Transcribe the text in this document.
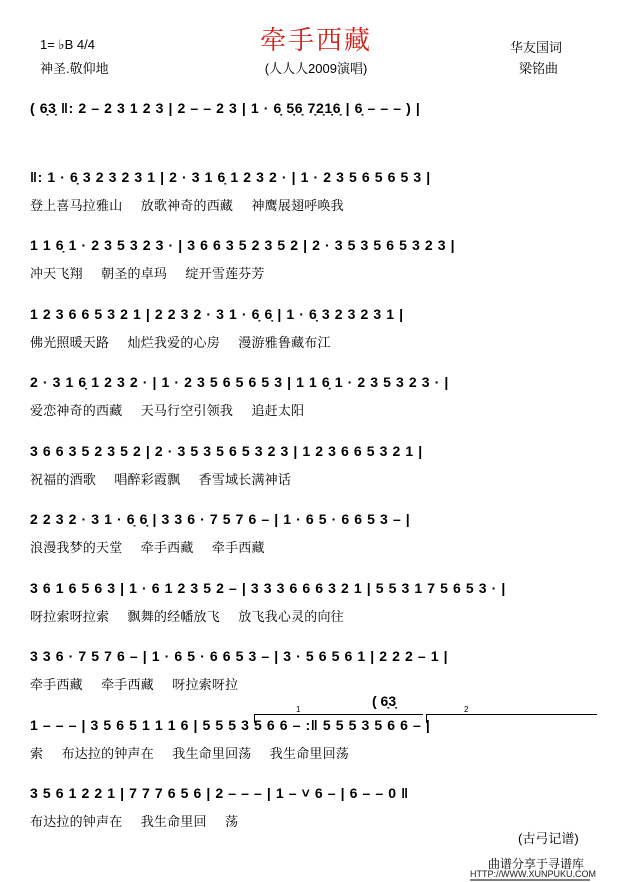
牵手西藏
(人人人2009演唱)
1= ♭B 4/4
神圣.敬仰地
华友国词
梁铭曲
( 6̣3̣ ‖: 2 – 2 3 1 2 3 | 2 – – 2 3 | 1 · 6̣ 5̣6̣ 7̣2̣1̣6̣ | 6̣ – – – ) |
‖: 1 · 6̣ 3 2 3 2 3 1 | 2 · 3 1 6̣ 1 2 3 2 · | 1 · 2 3 5 6 5 6 5 3 |
登上喜马拉雅山 放歌神奇的西藏 神鹰展翅呼唤我
1 1 6̣ 1 · 2 3 5 3 2 3 · | 3 6 6 3 5 2 3 5 2 | 2 · 3 5 3 5 6 5 3 2 3 |
冲天飞翔 朝圣的卓玛 绽开雪莲芬芳
1 2 3 6 6 5 3 2 1 | 2 2 3 2 · 3 1 · 6̣ 6̣ | 1 · 6̣ 3 2 3 2 3 1 |
佛光照暖天路 灿烂我爱的心房 漫游雅鲁藏布江
2 · 3 1 6̣ 1 2 3 2 · | 1 · 2 3 5 6 5 6 5 3 | 1 1 6̣ 1 · 2 3 5 3 2 3 · |
爱恋神奇的西藏 天马行空引领我 追赶太阳
3 6 6 3 5 2 3 5 2 | 2 · 3 5 3 5 6 5 3 2 3 | 1 2 3 6 6 5 3 2 1 |
祝福的酒歌 唱醉彩霞飘 香雪域长满神话
2 2 3 2 · 3 1 · 6̣ 6̣ | 3 3 6 · 7 5 7 6 – | 1 · 6 5 · 6 6 5 3 – |
浪漫我梦的天堂 牵手西藏 牵手西藏
3 6 1 6 5 6 3 | 1 · 6 1 2 3 5 2 – | 3 3 3 6 6 6 3 2 1 | 5 5 3 1 7 5 6 5 3 · |
呀拉索呀拉索 飘舞的经幡放飞 放飞我心灵的向往
3 3 6 · 7 5 7 6 – | 1 · 6 5 · 6 6 5 3 – | 3 · 5 6 5 6 1 | 2 2 2 – 1 |
牵手西藏 牵手西藏 呀拉索呀拉
1 – – – | 3 5 6 5 1 1 1 6 | 5 5 5 3 5 6 6 – :‖ 5 5 5 3 5 6 6 – |
索 布达拉的钟声在 我生命里回荡 我生命里回荡
3 5 6 1 2 2 1 | 7 7 7 6 5 6 | 2 – – – | 1 – ˅ 6 – | 6 – – 0 ‖
布达拉的钟声在 我生命里回 荡
( 6̣3̣
1	2
(古弓记谱)
曲谱分享于寻谱库
HTTP://WWW.XUNPUKU.COM
